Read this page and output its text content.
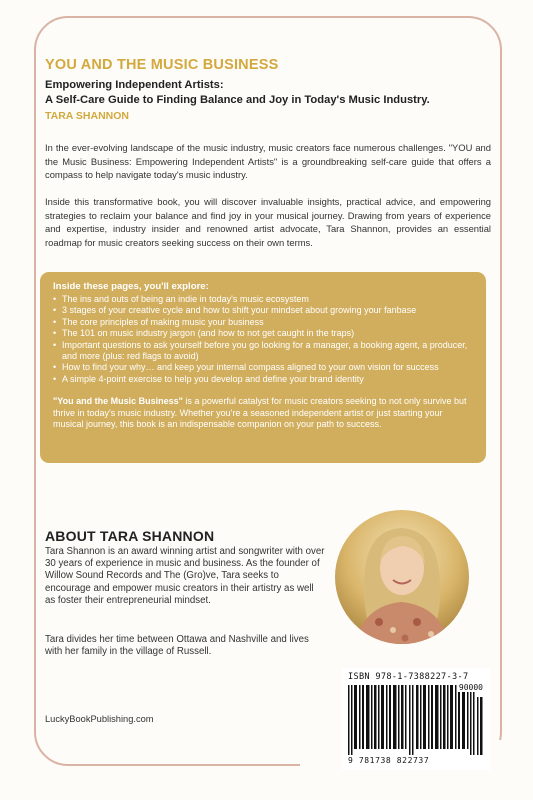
YOU AND THE MUSIC BUSINESS
Empowering Independent Artists:
A Self-Care Guide to Finding Balance and Joy in Today's Music Industry.

TARA SHANNON

In the ever-evolving landscape of the music industry, music creators face numerous challenges. "YOU and the Music Business: Empowering Independent Artists" is a groundbreaking self-care guide that offers a compass to help navigate today's music industry.

Inside this transformative book, you will discover invaluable insights, practical advice, and empowering strategies to reclaim your balance and find joy in your musical journey. Drawing from years of experience and expertise, industry insider and renowned artist advocate, Tara Shannon, provides an essential roadmap for music creators seeking success on their own terms.

Inside these pages, you'll explore:

• The ins and outs of being an indie in today's music ecosystem
• 3 stages of your creative cycle and how to shift your mindset about growing your fanbase
• The core principles of making music your business
• The 101 on music industry jargon (and how to not get caught in the traps)
• Important questions to ask yourself before you go looking for a manager, a booking agent, a producer, and more (plus: red flags to avoid)
• How to find your why… and keep your internal compass aligned to your own vision for success
• A simple 4-point exercise to help you develop and define your brand identity

"You and the Music Business" is a powerful catalyst for music creators seeking to not only survive but thrive in today's music industry. Whether you're a seasoned independent artist or just starting your musical journey, this book is an indispensable companion on your path to success.

ABOUT TARA SHANNON

Tara Shannon is an award winning artist and songwriter with over 30 years of experience in music and business. As the founder of Willow Sound Records and The (Gro)ve, Tara seeks to encourage and empower music creators in their artistry as well as foster their entrepreneurial mindset.

Tara divides her time between Ottawa and Nashville and lives with her family in the village of Russell.

LuckyBookPublishing.com

ISBN 978-1-7388227-3-7

90000

9 781738 822737
